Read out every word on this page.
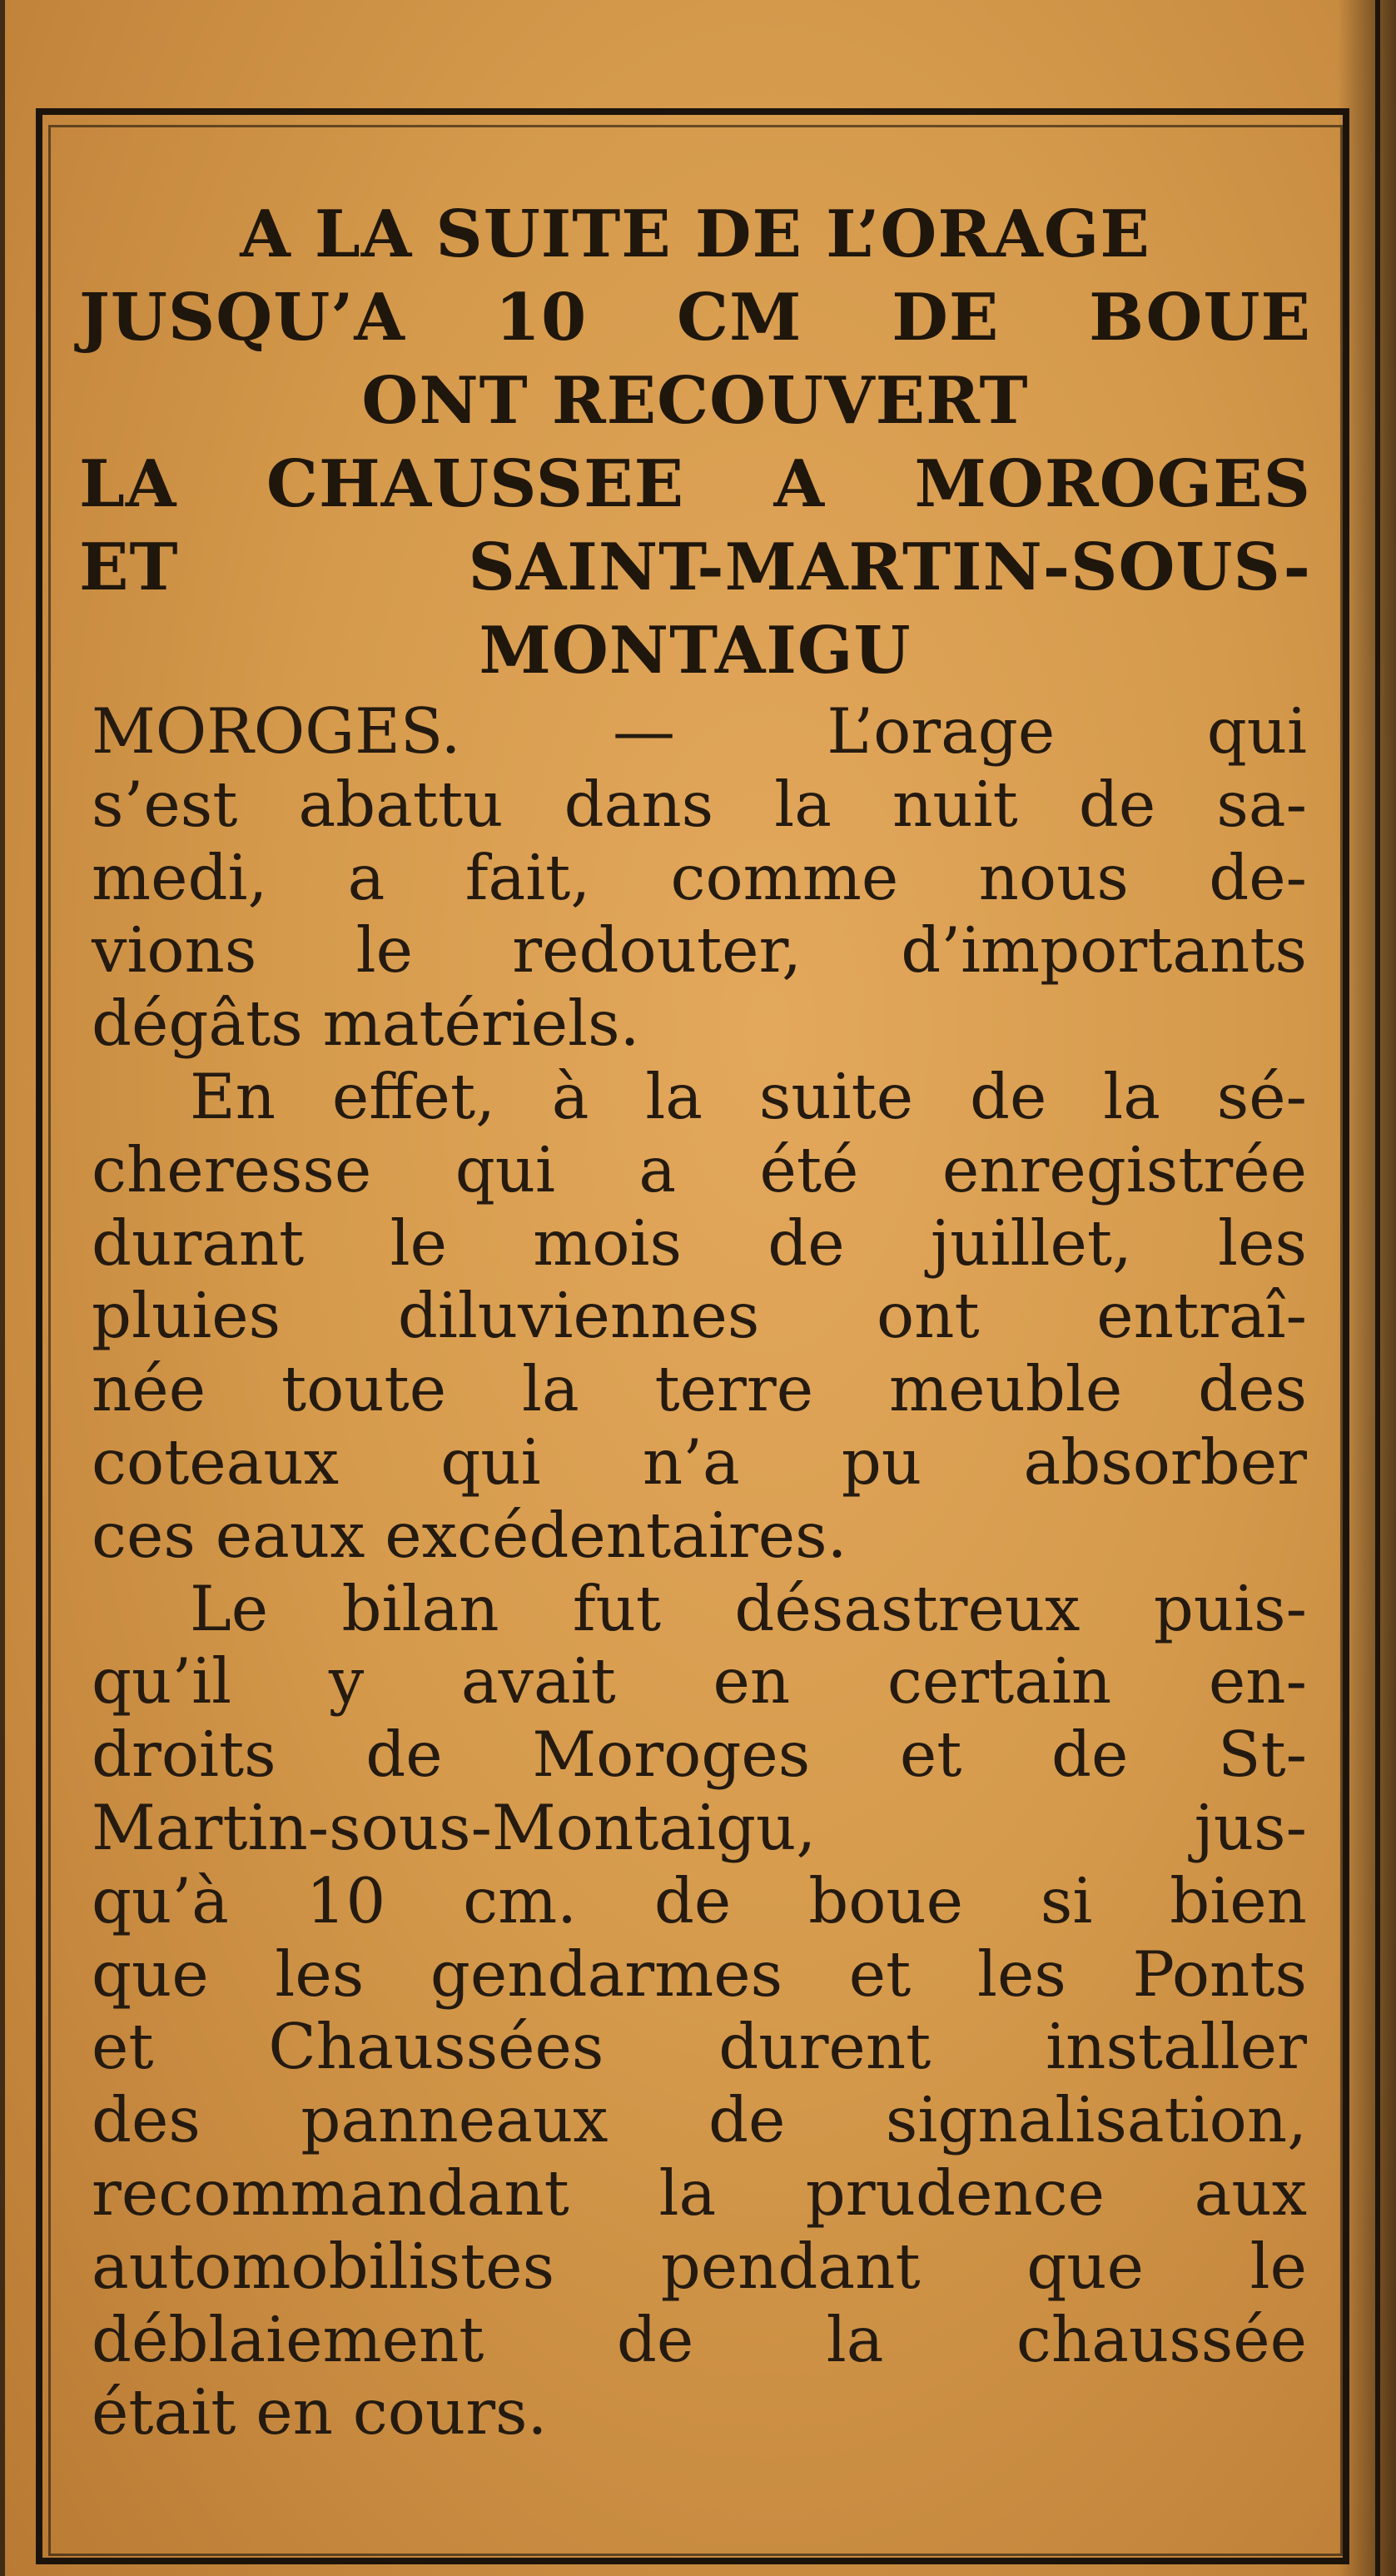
A LA SUITE DE L’ORAGE
JUSQU’A 10 CM DE BOUE
ONT RECOUVERT
LA CHAUSSEE A MOROGES
ET	SAINT-MARTIN-SOUS-
MONTAIGU
MOROGES. — L’orage qui
s’est abattu dans la nuit de sa-
medi, a fait, comme nous de-
vions le redouter, d’importants
dégâts matériels.
En effet, à la suite de la sé-
cheresse qui a été enregistrée
durant le mois de juillet, les
pluies diluviennes ont entraî-
née toute la terre meuble des
coteaux qui n’a pu absorber
ces eaux excédentaires.
Le bilan fut désastreux puis-
qu’il y avait en certain en-
droits de Moroges et de St-
Martin-sous-Montaigu,	jus-
qu’à 10 cm. de boue si bien
que les gendarmes et les Ponts
et Chaussées durent installer
des panneaux de signalisation,
recommandant la prudence aux
automobilistes pendant que le
déblaiement de la chaussée
était en cours.
